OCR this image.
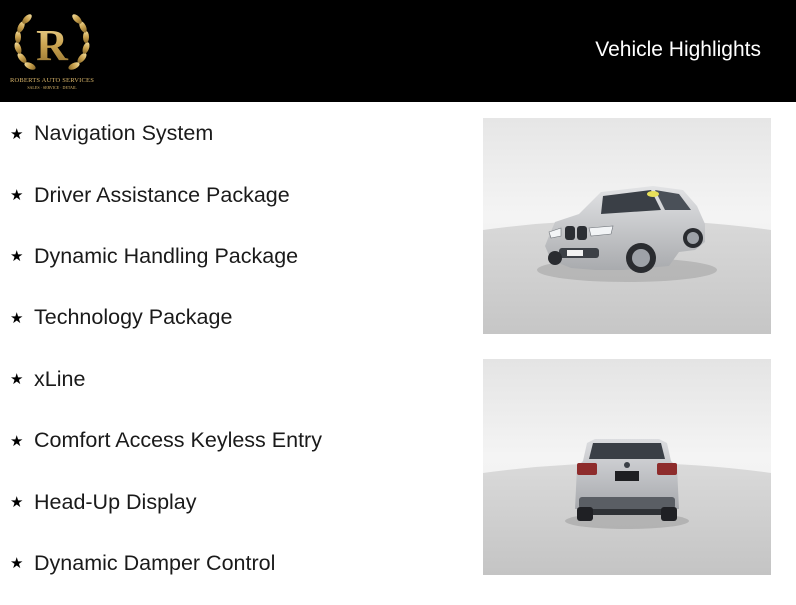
R
ROBERTS AUTO SERVICES
SALES · SERVICE · DETAIL
Vehicle Highlights
★ Navigation System
★ Driver Assistance Package
★ Dynamic Handling Package
★ Technology Package
★ xLine
★ Comfort Access Keyless Entry
★ Head-Up Display
★ Dynamic Damper Control
